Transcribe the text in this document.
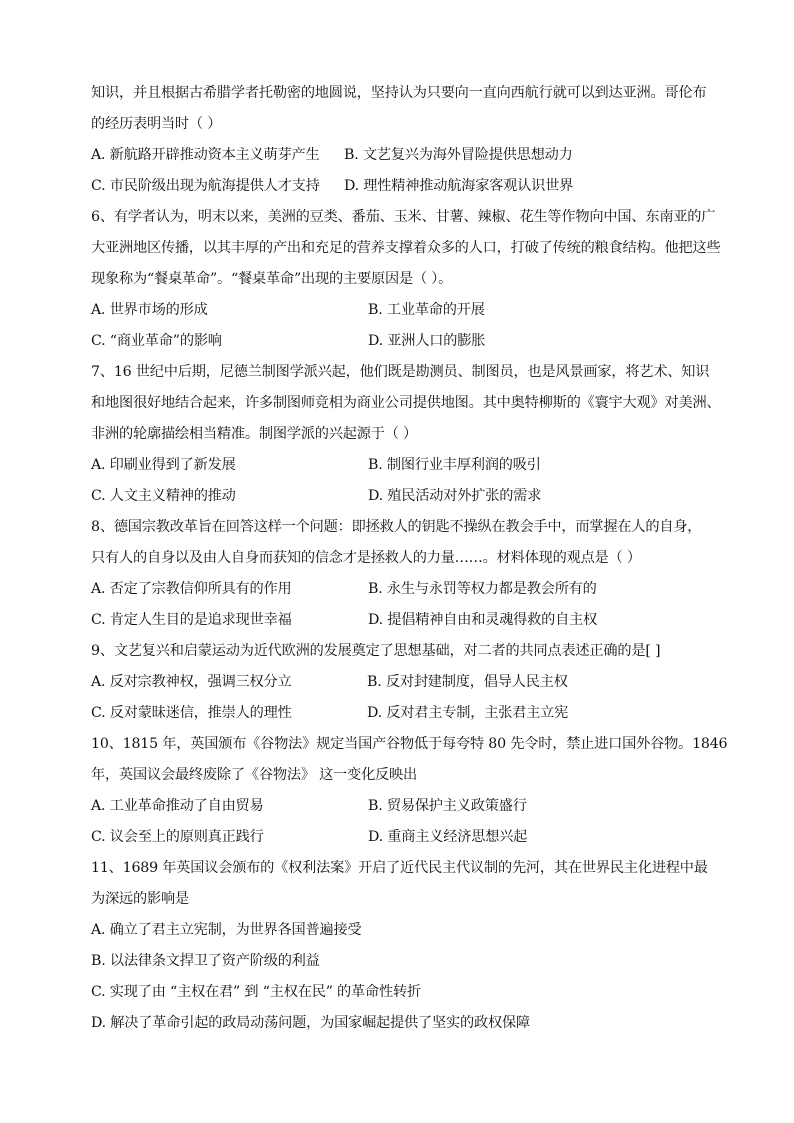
知识，并且根据古希腊学者托勒密的地圆说，坚持认为只要向一直向西航行就可以到达亚洲。哥伦布
的经历表明当时（ ）
A. 新航路开辟推动资本主义萌芽产生	B. 文艺复兴为海外冒险提供思想动力
C. 市民阶级出现为航海提供人才支持	D. 理性精神推动航海家客观认识世界
6、有学者认为，明末以来，美洲的豆类、番茄、玉米、甘薯、辣椒、花生等作物向中国、东南亚的广
大亚洲地区传播，以其丰厚的产出和充足的营养支撑着众多的人口，打破了传统的粮食结构。他把这些
现象称为“餐桌革命”。“餐桌革命”出现的主要原因是（ ）。
A. 世界市场的形成	B. 工业革命的开展
C. “商业革命”的影响	D. 亚洲人口的膨胀
7、16 世纪中后期，尼德兰制图学派兴起，他们既是勘测员、制图员，也是风景画家，将艺术、知识
和地图很好地结合起来，许多制图师竞相为商业公司提供地图。其中奥特柳斯的《寰宇大观》对美洲、
非洲的轮廓描绘相当精准。制图学派的兴起源于（ ）
A. 印刷业得到了新发展	B. 制图行业丰厚利润的吸引
C. 人文主义精神的推动	D. 殖民活动对外扩张的需求
8、德国宗教改革旨在回答这样一个问题：即拯救人的钥匙不操纵在教会手中，而掌握在人的自身，
只有人的自身以及由人自身而获知的信念才是拯救人的力量……。材料体现的观点是（ ）
A. 否定了宗教信仰所具有的作用	B. 永生与永罚等权力都是教会所有的
C. 肯定人生目的是追求现世幸福	D. 提倡精神自由和灵魂得救的自主权
9、文艺复兴和启蒙运动为近代欧洲的发展奠定了思想基础，对二者的共同点表述正确的是[ ]
A. 反对宗教神权，强调三权分立	B. 反对封建制度，倡导人民主权
C. 反对蒙昧迷信，推崇人的理性	D. 反对君主专制，主张君主立宪
10、1815 年，英国颁布《谷物法》规定当国产谷物低于每夸特 80 先令时，禁止进口国外谷物。1846
年，英国议会最终废除了《谷物法》 这一变化反映出
A. 工业革命推动了自由贸易	B. 贸易保护主义政策盛行
C. 议会至上的原则真正践行	D. 重商主义经济思想兴起
11、1689 年英国议会颁布的《权利法案》开启了近代民主代议制的先河，其在世界民主化进程中最
为深远的影响是
A. 确立了君主立宪制，为世界各国普遍接受
B. 以法律条文捍卫了资产阶级的利益
C. 实现了由 “主权在君” 到 “主权在民” 的革命性转折
D. 解决了革命引起的政局动荡问题，为国家崛起提供了坚实的政权保障
